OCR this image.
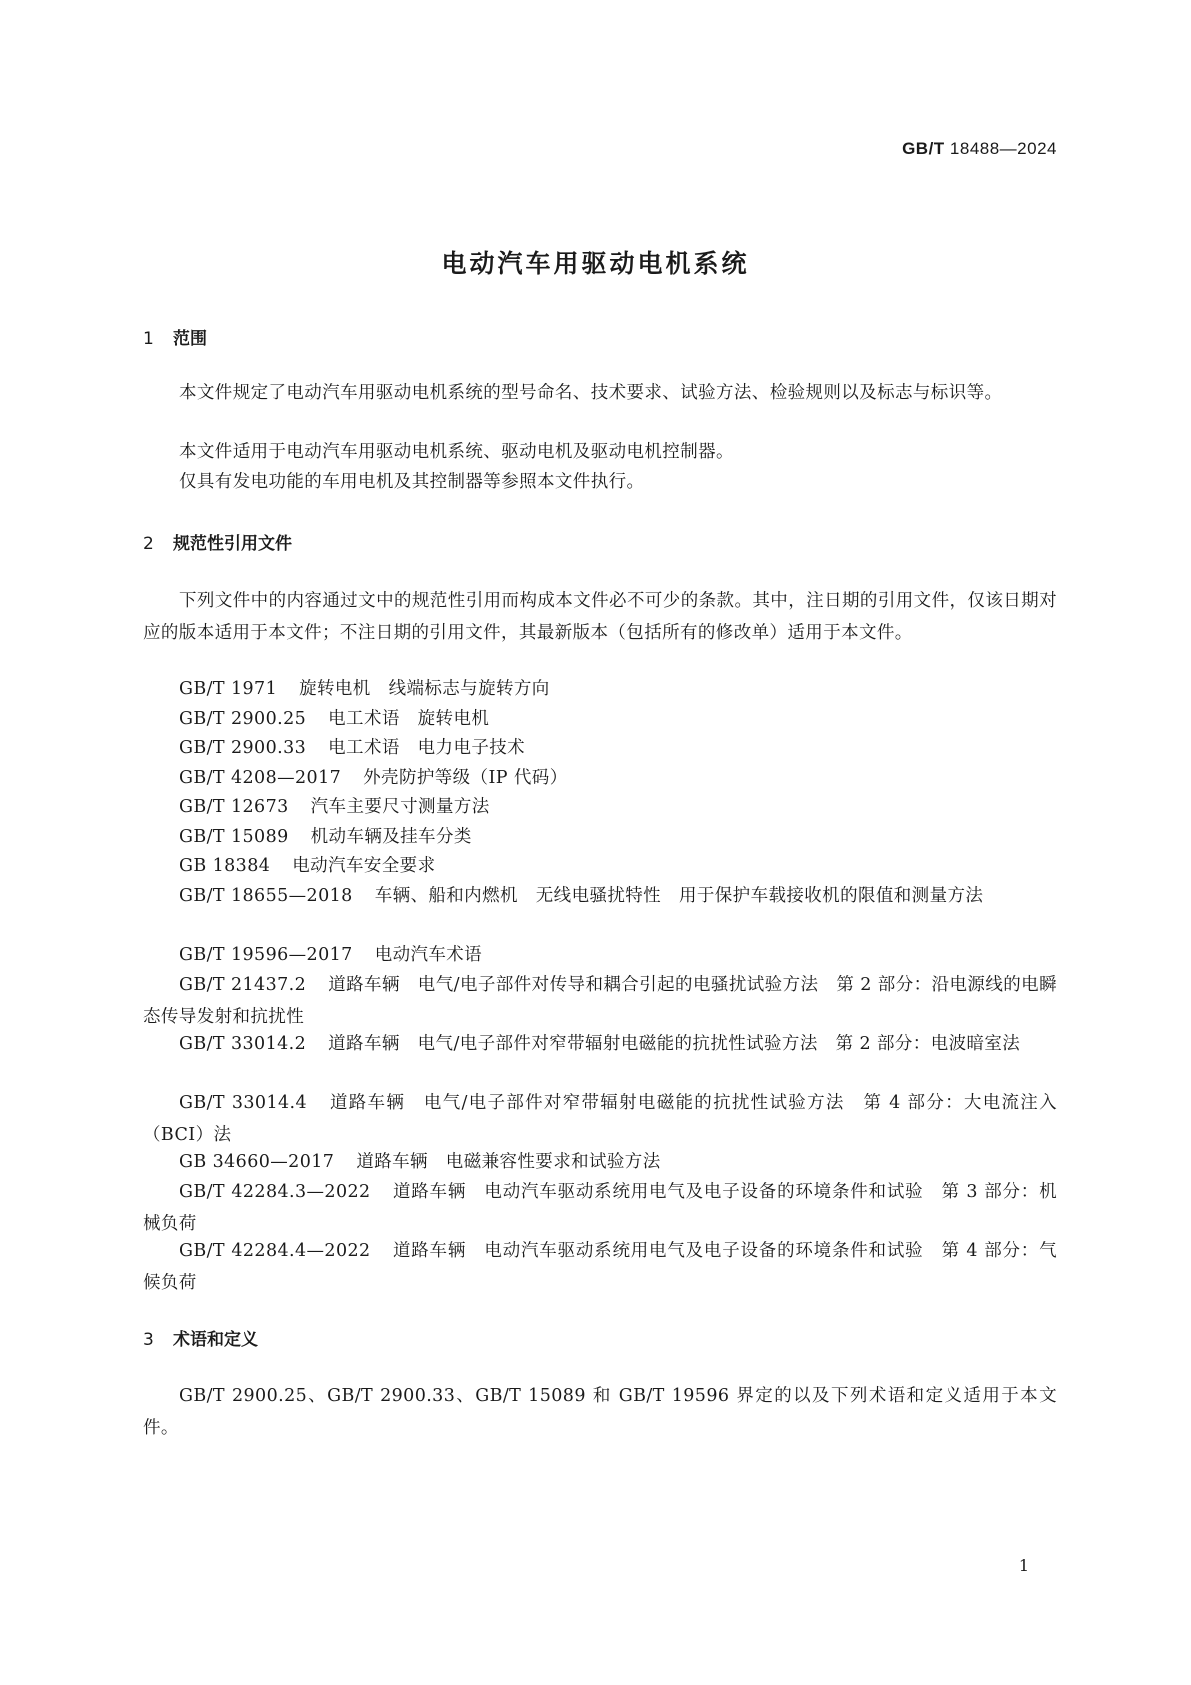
GB/T 18488—2024
电动汽车用驱动电机系统
1 范围
本文件规定了电动汽车用驱动电机系统的型号命名、技术要求、试验方法、检验规则以及标志与标识等。
本文件适用于电动汽车用驱动电机系统、驱动电机及驱动电机控制器。
仅具有发电功能的车用电机及其控制器等参照本文件执行。
2 规范性引用文件
下列文件中的内容通过文中的规范性引用而构成本文件必不可少的条款。其中，注日期的引用文件，仅该日期对应的版本适用于本文件；不注日期的引用文件，其最新版本（包括所有的修改单）适用于本文件。
GB/T 1971 旋转电机　线端标志与旋转方向
GB/T 2900.25 电工术语　旋转电机
GB/T 2900.33 电工术语　电力电子技术
GB/T 4208—2017 外壳防护等级（IP 代码）
GB/T 12673 汽车主要尺寸测量方法
GB/T 15089 机动车辆及挂车分类
GB 18384 电动汽车安全要求
GB/T 18655—2018 车辆、船和内燃机　无线电骚扰特性　用于保护车载接收机的限值和测量方法
GB/T 19596—2017 电动汽车术语
GB/T 21437.2 道路车辆　电气/电子部件对传导和耦合引起的电骚扰试验方法　第 2 部分：沿电源线的电瞬态传导发射和抗扰性
GB/T 33014.2 道路车辆　电气/电子部件对窄带辐射电磁能的抗扰性试验方法　第 2 部分：电波暗室法
GB/T 33014.4 道路车辆　电气/电子部件对窄带辐射电磁能的抗扰性试验方法　第 4 部分：大电流注入（BCI）法
GB 34660—2017 道路车辆　电磁兼容性要求和试验方法
GB/T 42284.3—2022 道路车辆　电动汽车驱动系统用电气及电子设备的环境条件和试验　第 3 部分：机械负荷
GB/T 42284.4—2022 道路车辆　电动汽车驱动系统用电气及电子设备的环境条件和试验　第 4 部分：气候负荷
3 术语和定义
GB/T 2900.25、GB/T 2900.33、GB/T 15089 和 GB/T 19596 界定的以及下列术语和定义适用于本文件。
1
